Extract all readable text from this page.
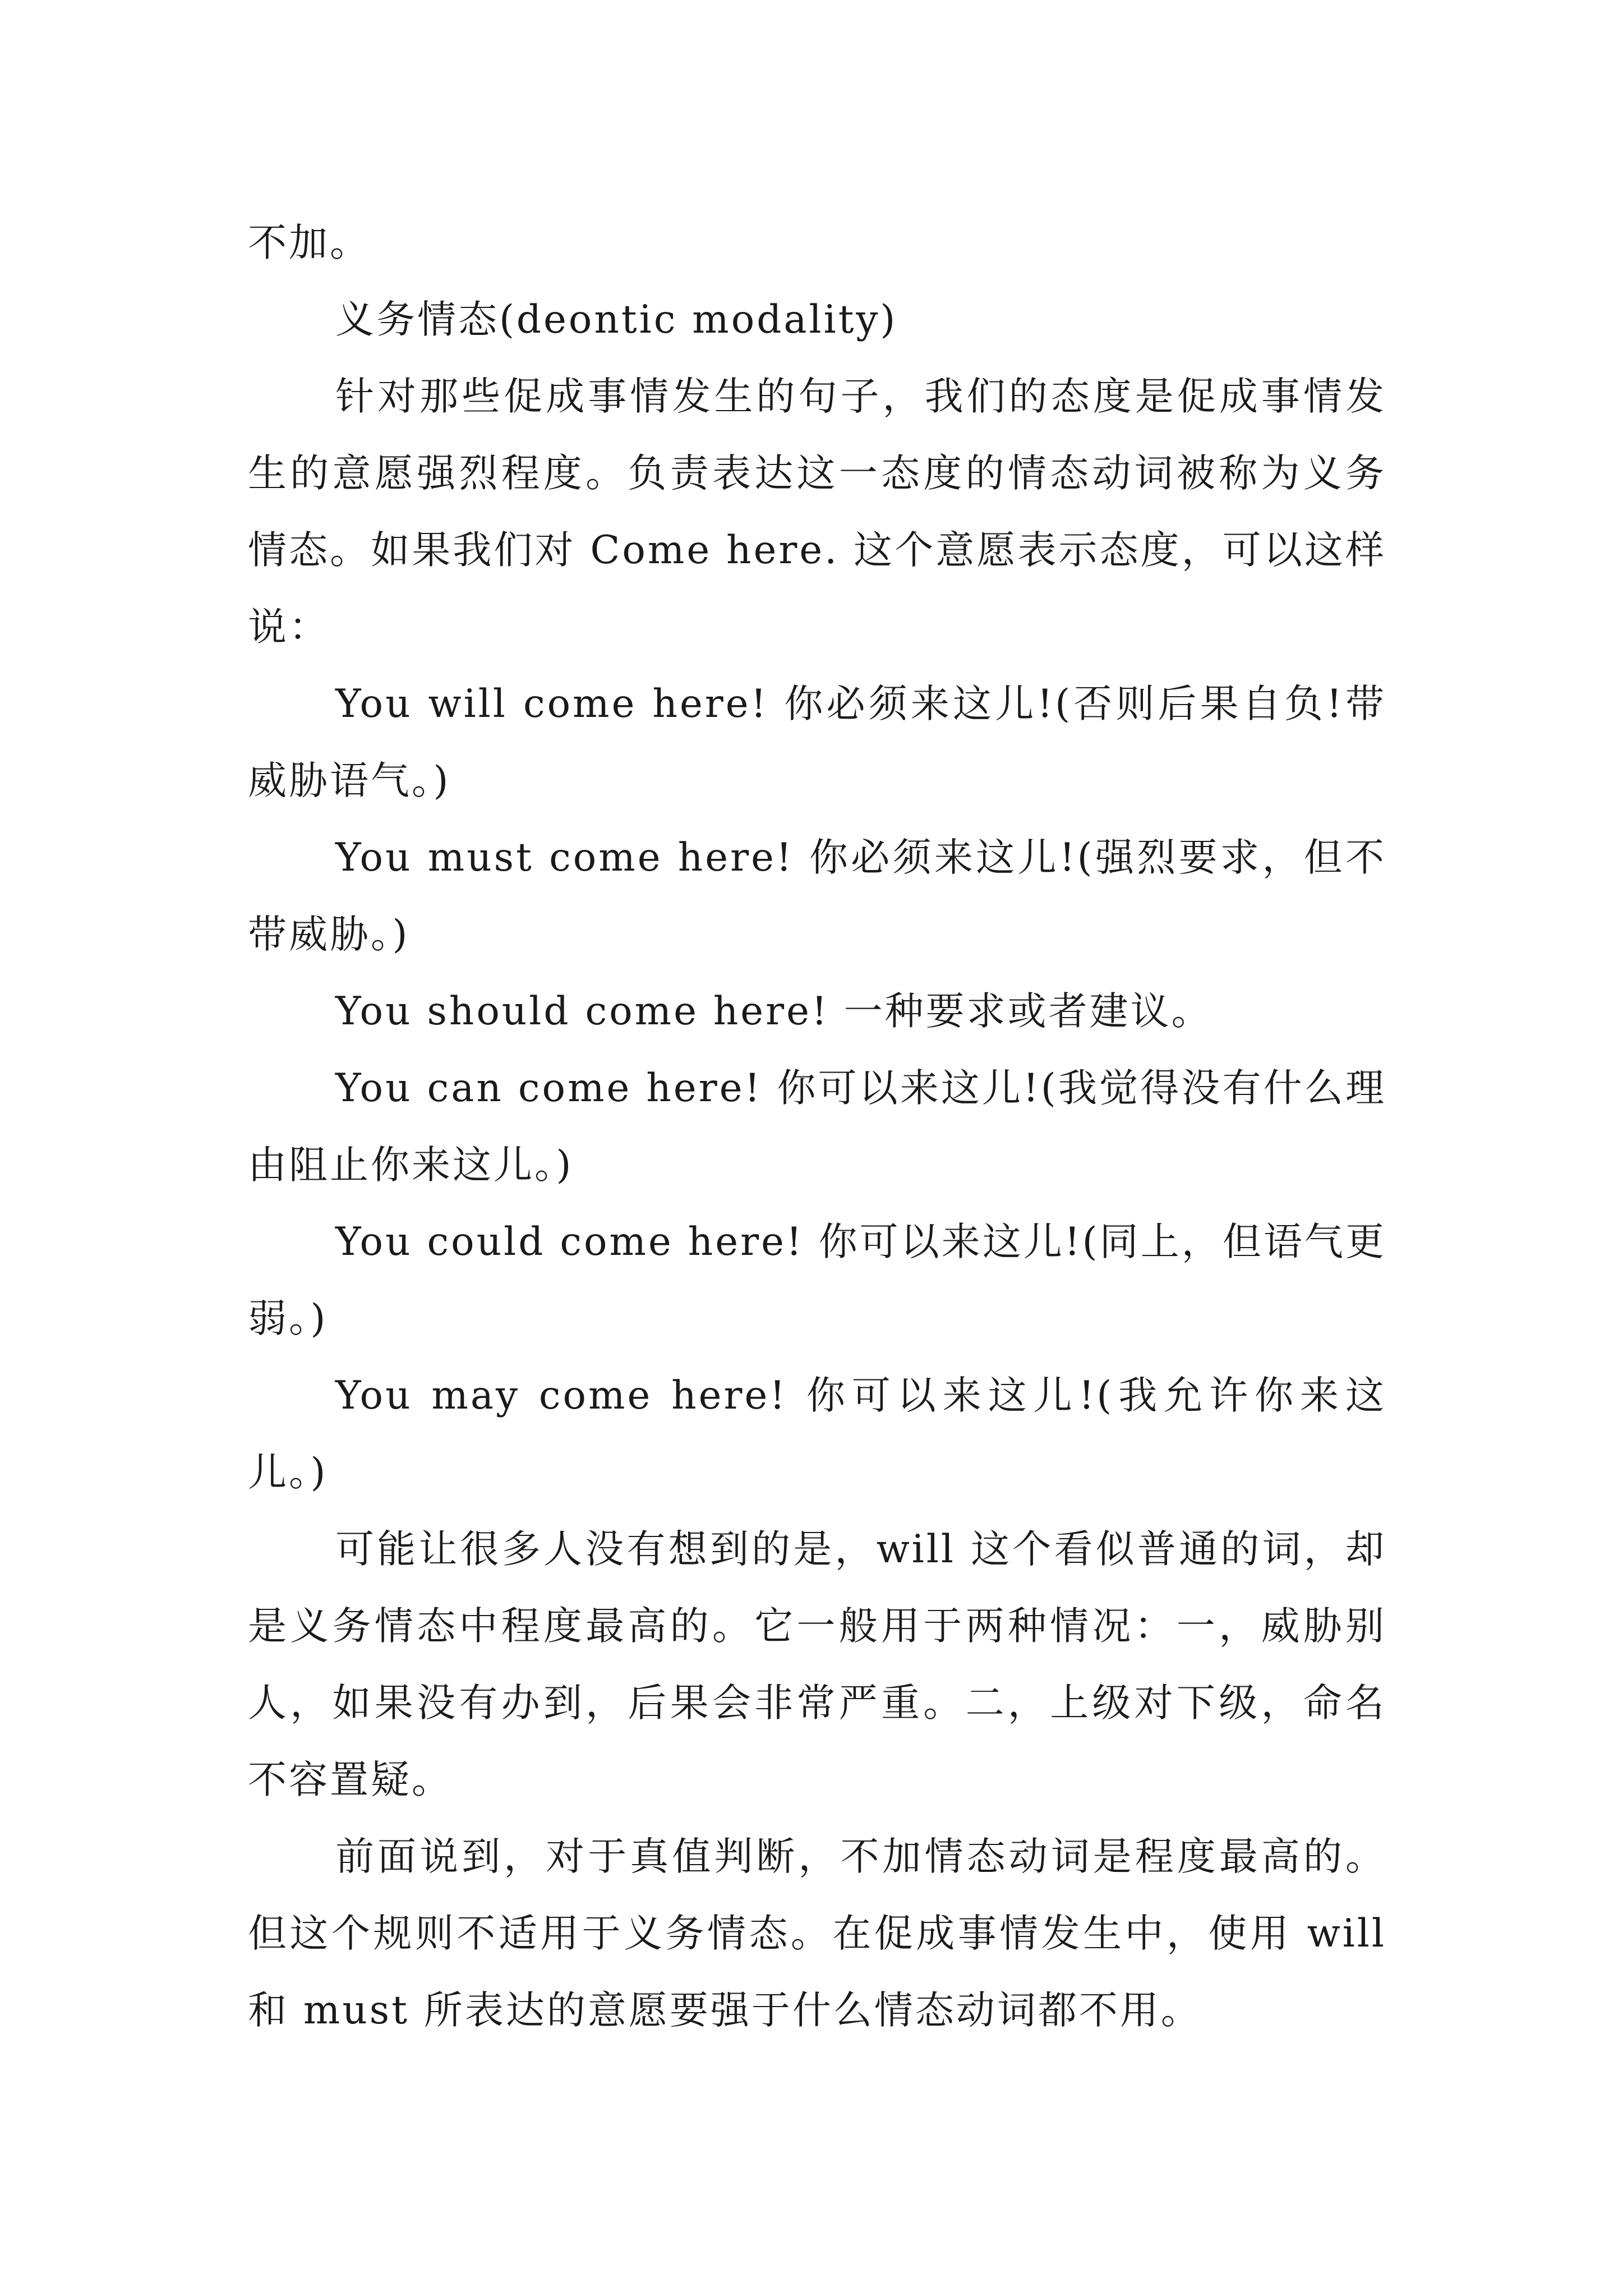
不加。

义务情态(deontic modality)

针对那些促成事情发生的句子，我们的态度是促成事情发生的意愿强烈程度。负责表达这一态度的情态动词被称为义务情态。如果我们对 Come here. 这个意愿表示态度，可以这样说：

You will come here! 你必须来这儿!(否则后果自负!带威胁语气。)

You must come here! 你必须来这儿!(强烈要求，但不带威胁。)

You should come here! 一种要求或者建议。

You can come here! 你可以来这儿!(我觉得没有什么理由阻止你来这儿。)

You could come here! 你可以来这儿!(同上，但语气更弱。)

You may come here! 你可以来这儿!(我允许你来这儿。)

可能让很多人没有想到的是，will 这个看似普通的词，却是义务情态中程度最高的。它一般用于两种情况：一，威胁别人，如果没有办到，后果会非常严重。二，上级对下级，命名不容置疑。

前面说到，对于真值判断，不加情态动词是程度最高的。但这个规则不适用于义务情态。在促成事情发生中，使用 will 和 must 所表达的意愿要强于什么情态动词都不用。
